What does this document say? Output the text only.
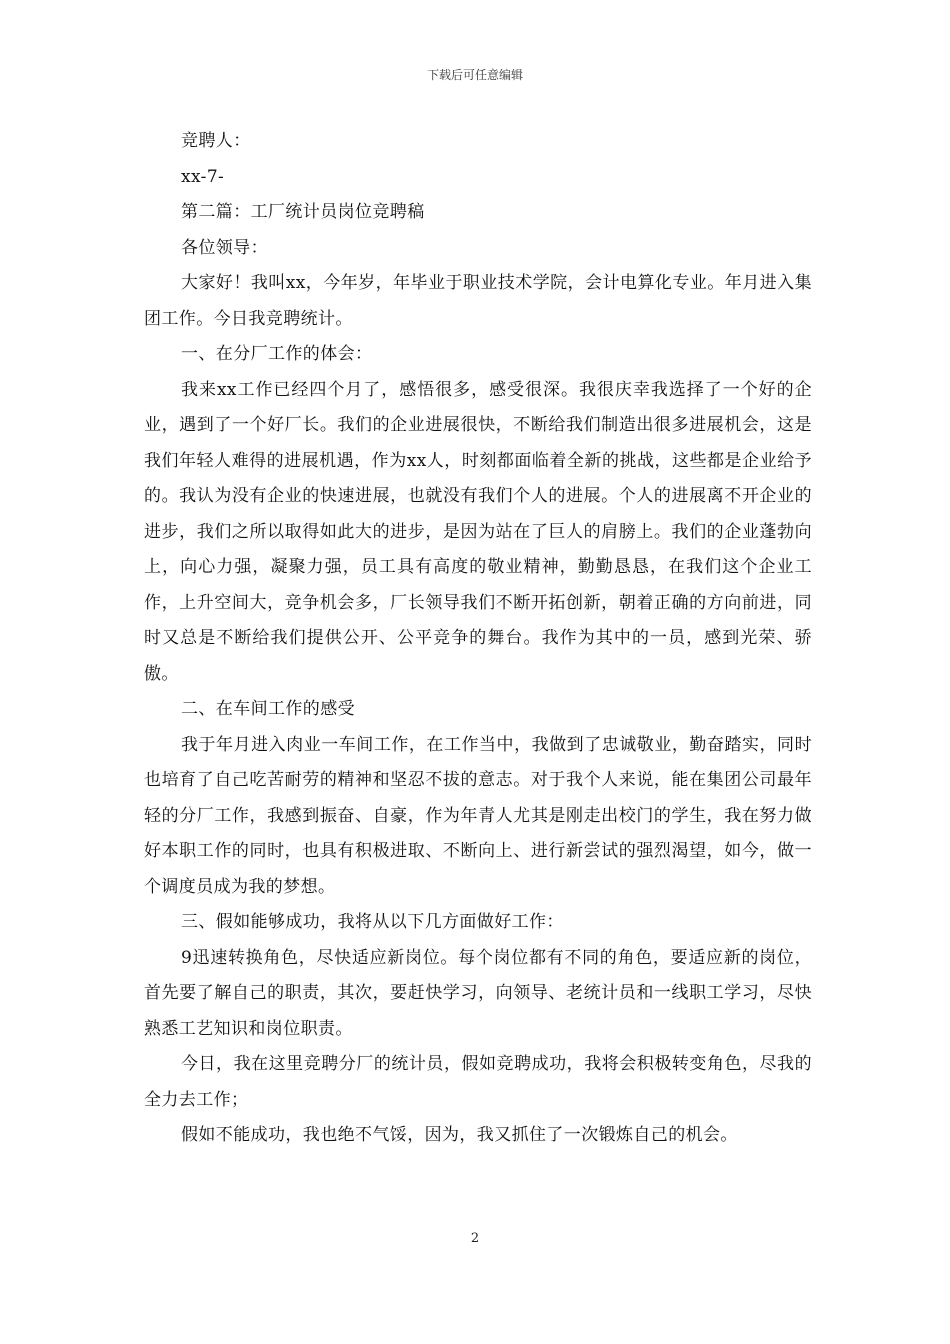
下载后可任意编辑

竞聘人：

xx-7-

第二篇：工厂统计员岗位竞聘稿

各位领导：

大家好！我叫xx，今年岁，年毕业于职业技术学院，会计电算化专业。年月进入集团工作。今日我竞聘统计。

一、在分厂工作的体会：

我来xx工作已经四个月了，感悟很多，感受很深。我很庆幸我选择了一个好的企业，遇到了一个好厂长。我们的企业进展很快，不断给我们制造出很多进展机会，这是我们年轻人难得的进展机遇，作为xx人，时刻都面临着全新的挑战，这些都是企业给予的。我认为没有企业的快速进展，也就没有我们个人的进展。个人的进展离不开企业的进步，我们之所以取得如此大的进步，是因为站在了巨人的肩膀上。我们的企业蓬勃向上，向心力强，凝聚力强，员工具有高度的敬业精神，勤勤恳恳，在我们这个企业工作，上升空间大，竞争机会多，厂长领导我们不断开拓创新，朝着正确的方向前进，同时又总是不断给我们提供公开、公平竞争的舞台。我作为其中的一员，感到光荣、骄傲。

二、在车间工作的感受

我于年月进入肉业一车间工作，在工作当中，我做到了忠诚敬业，勤奋踏实，同时也培育了自己吃苦耐劳的精神和坚忍不拔的意志。对于我个人来说，能在集团公司最年轻的分厂工作，我感到振奋、自豪，作为年青人尤其是刚走出校门的学生，我在努力做好本职工作的同时，也具有积极进取、不断向上、进行新尝试的强烈渴望，如今，做一个调度员成为我的梦想。

三、假如能够成功，我将从以下几方面做好工作：

9迅速转换角色，尽快适应新岗位。每个岗位都有不同的角色，要适应新的岗位，首先要了解自己的职责，其次，要赶快学习，向领导、老统计员和一线职工学习，尽快熟悉工艺知识和岗位职责。

今日，我在这里竞聘分厂的统计员，假如竞聘成功，我将会积极转变角色，尽我的全力去工作；

假如不能成功，我也绝不气馁，因为，我又抓住了一次锻炼自己的机会。

2
